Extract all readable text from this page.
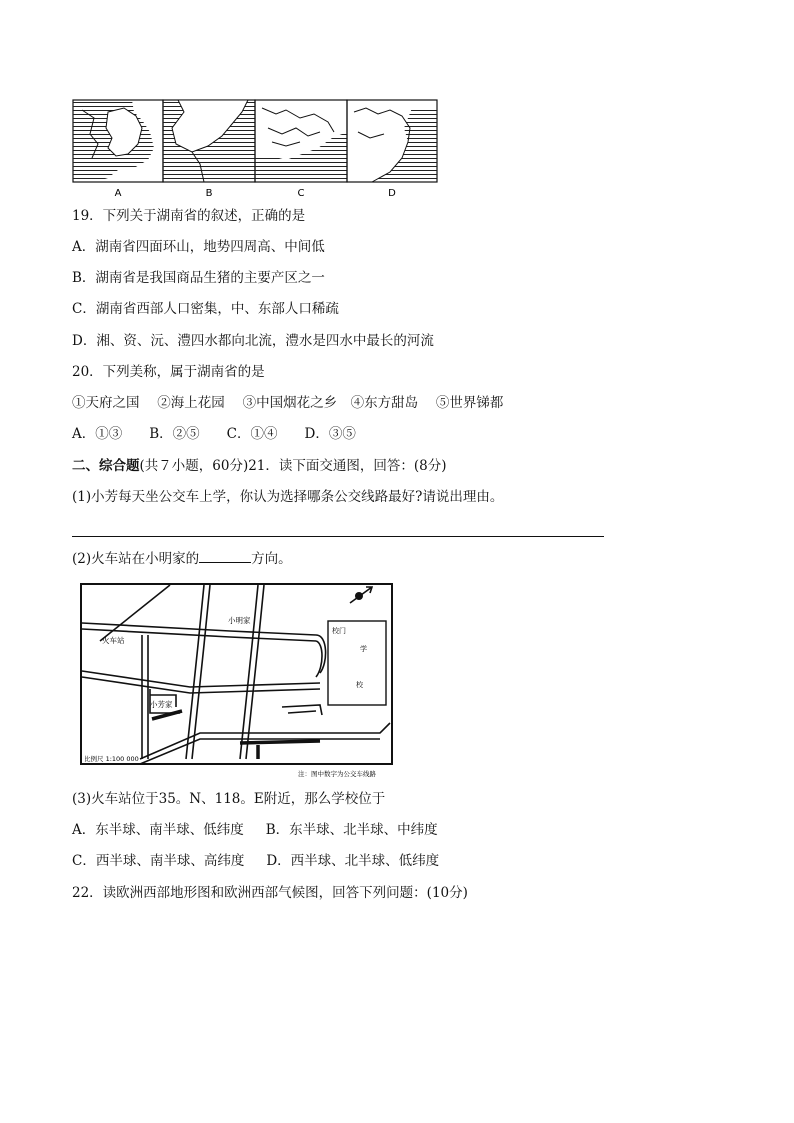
A	B	C	D
19．下列关于湖南省的叙述，正确的是
A．湖南省四面环山，地势四周高、中间低
B．湖南省是我国商品生猪的主要产区之一
C．湖南省西部人口密集，中、东部人口稀疏
D．湘、资、沅、澧四水都向北流，澧水是四水中最长的河流
20．下列美称，属于湖南省的是
①天府之国　 ②海上花园　 ③中国烟花之乡　④东方甜岛　 ⑤世界锑都
A．①③　　B．②⑤　　C．①④　　D．③⑤
二、综合题(共７小题，60分)21．读下面交通图，回答：(8分)
(1)小芳每天坐公交车上学，你认为选择哪条公交线路最好?请说出理由。
(2)火车站在小明家的	方向。
小明家
火车站
小芳家
校门
学
校
比例尺 1:100 000
注：图中数字为公交车线路
(3)火车站位于35。N、118。E附近，那么学校位于
A．东半球、南半球、低纬度 B．东半球、北半球、中纬度
C．西半球、南半球、高纬度 D．西半球、北半球、低纬度
22．读欧洲西部地形图和欧洲西部气候图，回答下列问题：(10分)
